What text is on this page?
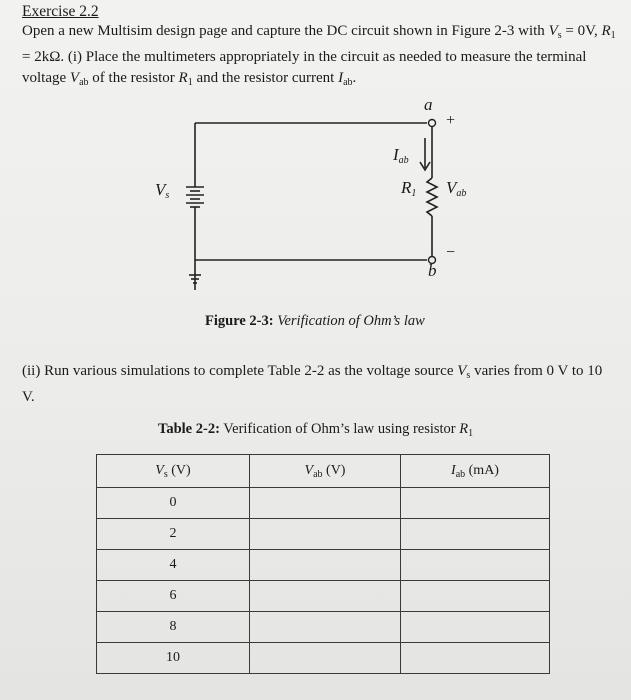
Exercise 2.2
Open a new Multisim design page and capture the DC circuit shown in Figure 2-3 with $V_s = 0V$, $R_1 = 2k\Omega$. (i) Place the multimeters appropriately in the circuit as needed to measure the terminal voltage $V_{ab}$ of the resistor $R_1$ and the resistor current $I_{ab}$.
a
+
$I_{ab}$
$R_1$ $V_{ab}$
$V_s$
−
b
Figure 2-3: Verification of Ohm’s law
(ii) Run various simulations to complete Table 2-2 as the voltage source $V_s$ varies from 0 V to 10 V.
Table 2-2: Verification of Ohm’s law using resistor $R_1$
$V_s$ (V)	$V_{ab}$ (V)	$I_{ab}$ (mA)
0		
2		
4		
6		
8		
10		
